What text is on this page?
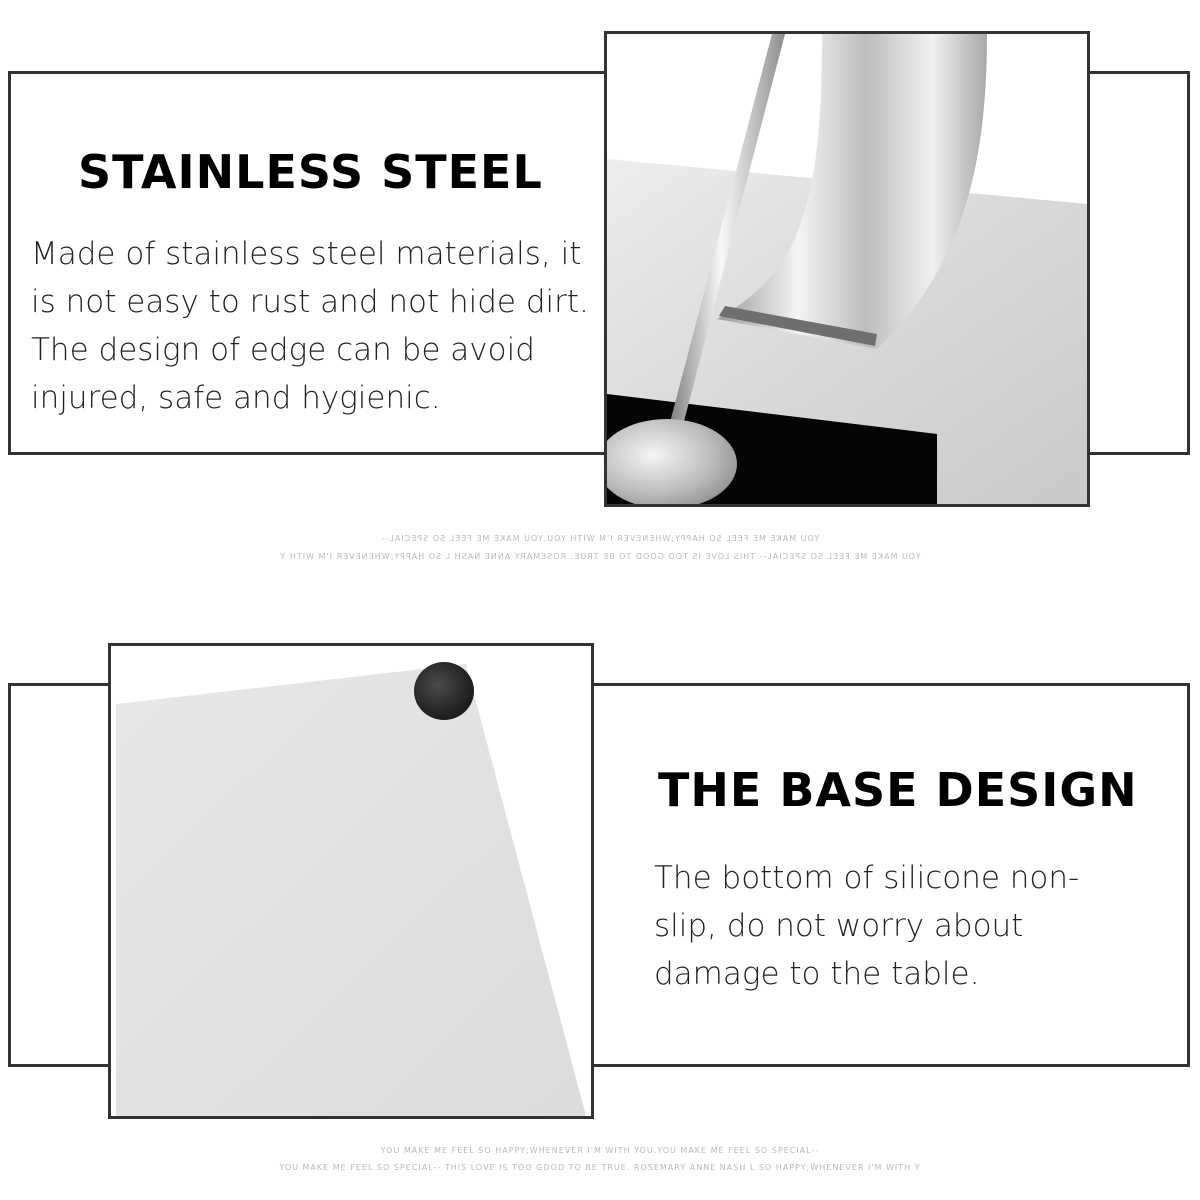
STAINLESS STEEL

Made of stainless steel materials, it is not easy to rust and not hide dirt. The design of edge can be avoid injured, safe and hygienic.

YOU MAKE ME FEEL SO HAPPY;WHENEVER I'M WITH YOU.YOU MAKE ME FEEL SO SPECIAL--

YOU MAKE ME FEEL SO SPECIAL-- THIS LOVE IS TOO GOOD TO BE TRUE. ROSEMARY ANNE NASH L SO HAPPY;WHENEVER I'M WITH Y

THE BASE DESIGN

The bottom of silicone non-slip, do not worry about damage to the table.

YOU MAKE ME FEEL SO HAPPY;WHENEVER I'M WITH YOU.YOU MAKE ME FEEL SO SPECIAL--

YOU MAKE ME FEEL SO SPECIAL-- THIS LOVE IS TOO GOOD TO BE TRUE. ROSEMARY ANNE NASH L SO HAPPY;WHENEVER I'M WITH Y
